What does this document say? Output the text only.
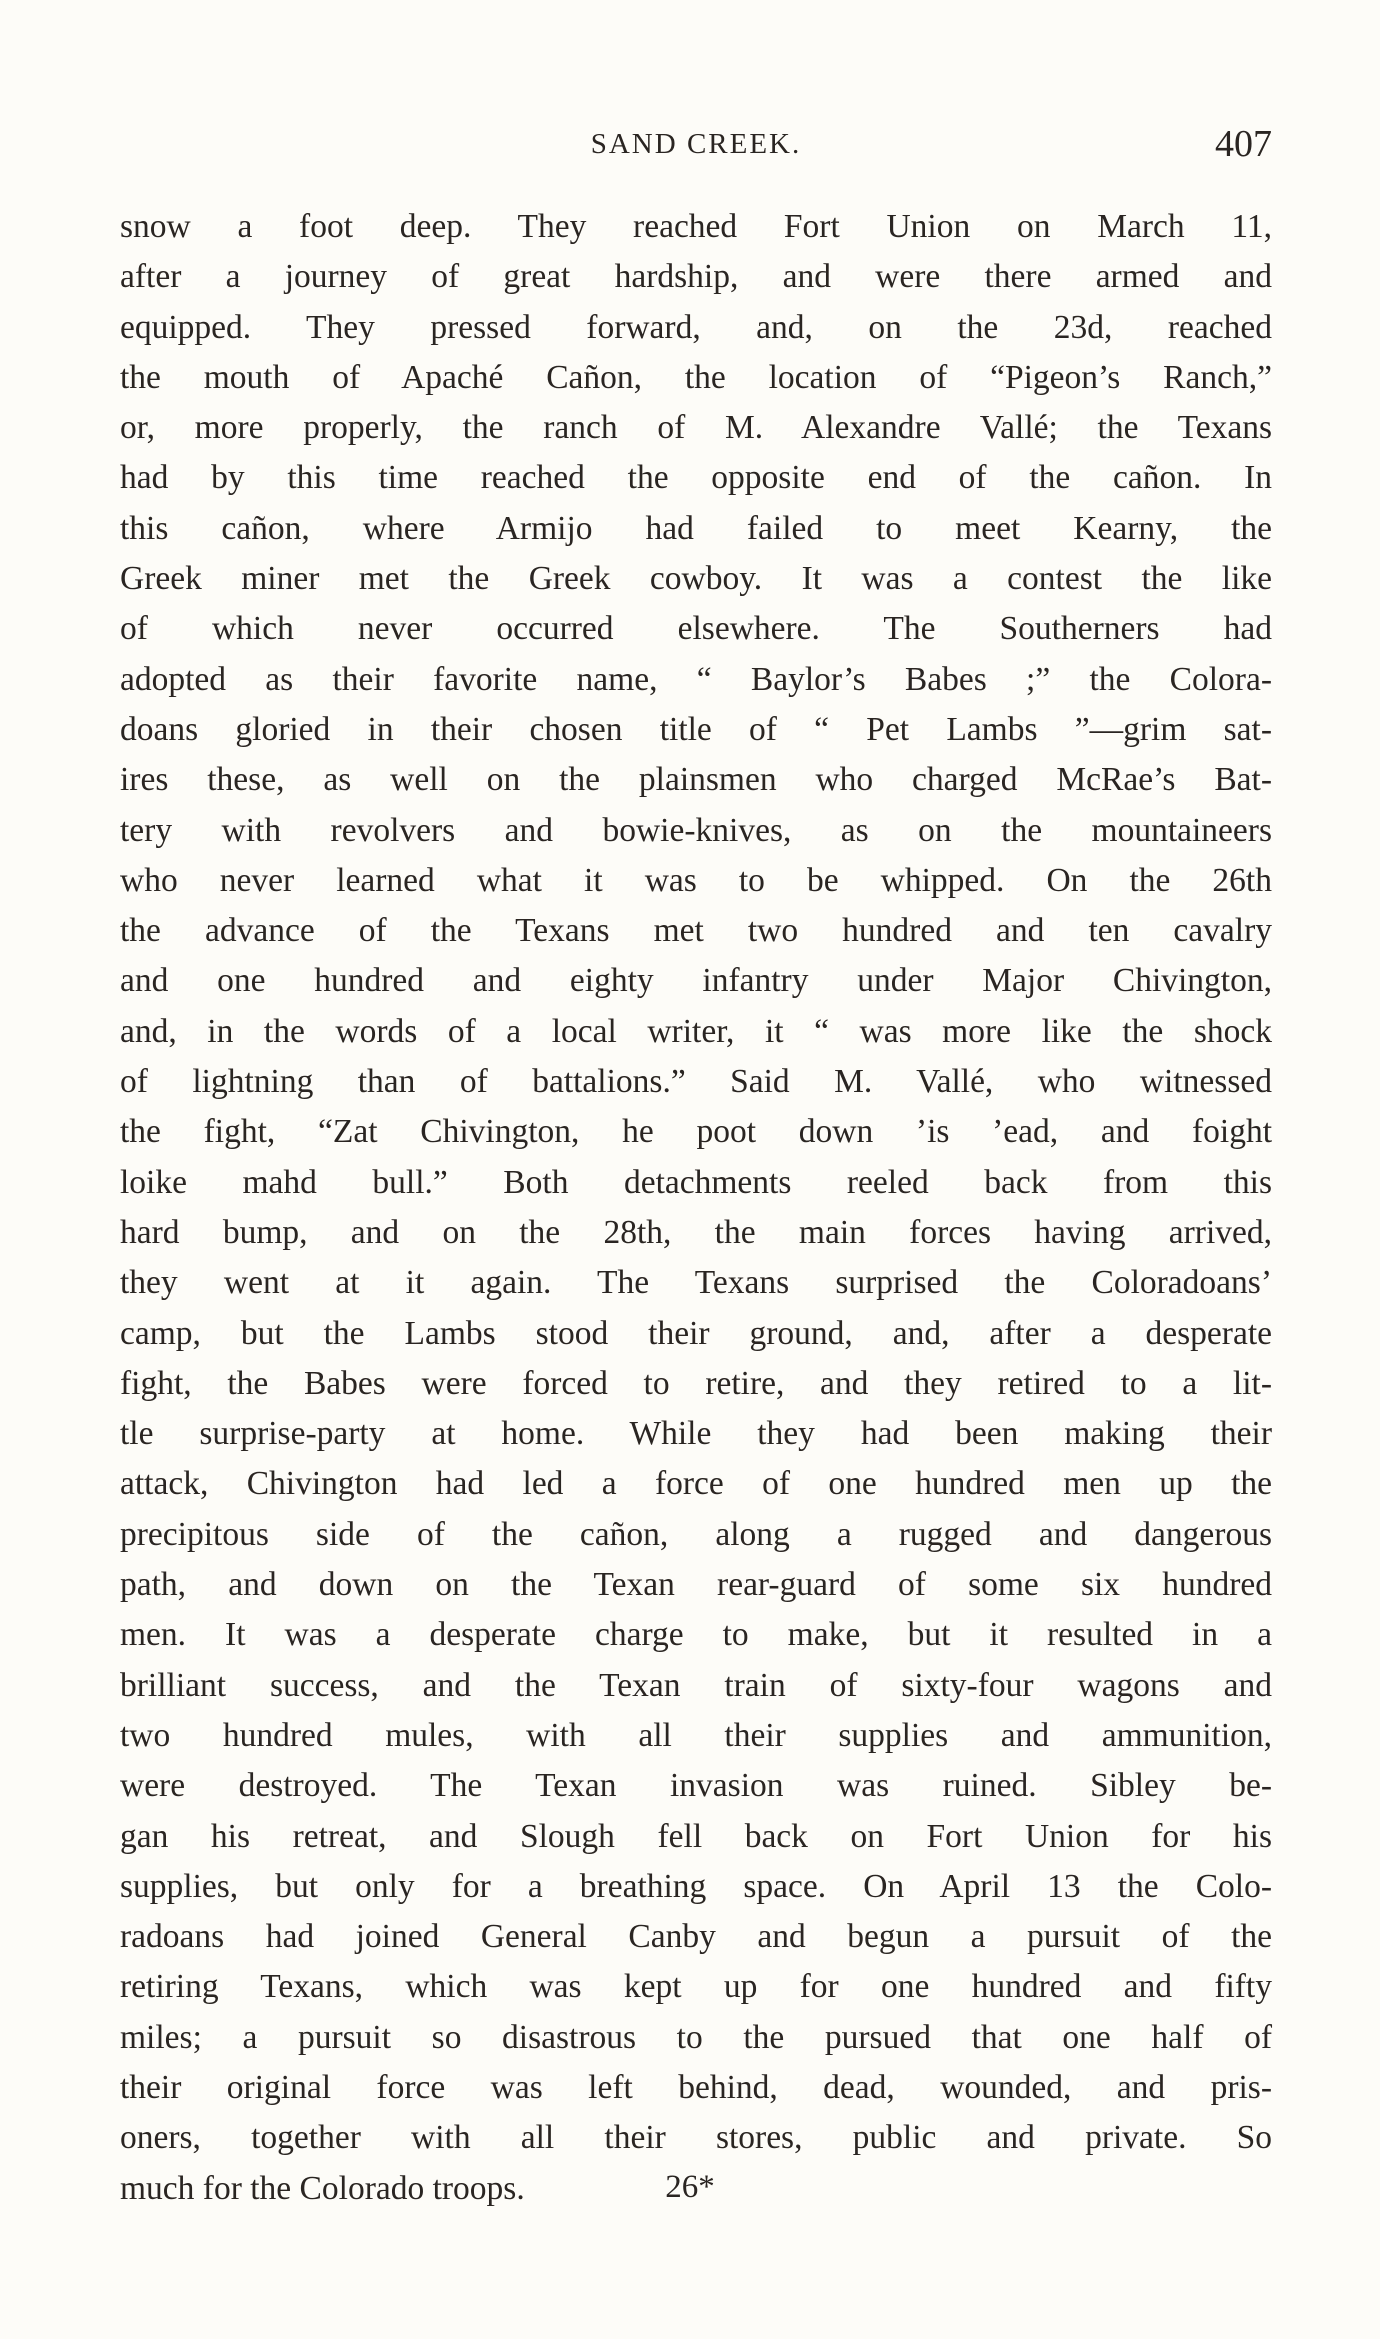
SAND CREEK.	407
snow a foot deep. They reached Fort Union on March 11,
after a journey of great hardship, and were there armed and
equipped. They pressed forward, and, on the 23d, reached
the mouth of Apaché Cañon, the location of “Pigeon’s Ranch,”
or, more properly, the ranch of M. Alexandre Vallé; the Texans
had by this time reached the opposite end of the cañon. In
this cañon, where Armijo had failed to meet Kearny, the
Greek miner met the Greek cowboy. It was a contest the like
of which never occurred elsewhere. The Southerners had
adopted as their favorite name, “ Baylor’s Babes ;” the Colora-
doans gloried in their chosen title of “ Pet Lambs ”—grim sat-
ires these, as well on the plainsmen who charged McRae’s Bat-
tery with revolvers and bowie-knives, as on the mountaineers
who never learned what it was to be whipped. On the 26th
the advance of the Texans met two hundred and ten cavalry
and one hundred and eighty infantry under Major Chivington,
and, in the words of a local writer, it “ was more like the shock
of lightning than of battalions.” Said M. Vallé, who witnessed
the fight, “Zat Chivington, he poot down ’is ’ead, and foight
loike mahd bull.” Both detachments reeled back from this
hard bump, and on the 28th, the main forces having arrived,
they went at it again. The Texans surprised the Coloradoans’
camp, but the Lambs stood their ground, and, after a desperate
fight, the Babes were forced to retire, and they retired to a lit-
tle surprise-party at home. While they had been making their
attack, Chivington had led a force of one hundred men up the
precipitous side of the cañon, along a rugged and dangerous
path, and down on the Texan rear-guard of some six hundred
men. It was a desperate charge to make, but it resulted in a
brilliant success, and the Texan train of sixty-four wagons and
two hundred mules, with all their supplies and ammunition,
were destroyed. The Texan invasion was ruined. Sibley be-
gan his retreat, and Slough fell back on Fort Union for his
supplies, but only for a breathing space. On April 13 the Colo-
radoans had joined General Canby and begun a pursuit of the
retiring Texans, which was kept up for one hundred and fifty
miles; a pursuit so disastrous to the pursued that one half of
their original force was left behind, dead, wounded, and pris-
oners, together with all their stores, public and private. So
much for the Colorado troops.	26*
